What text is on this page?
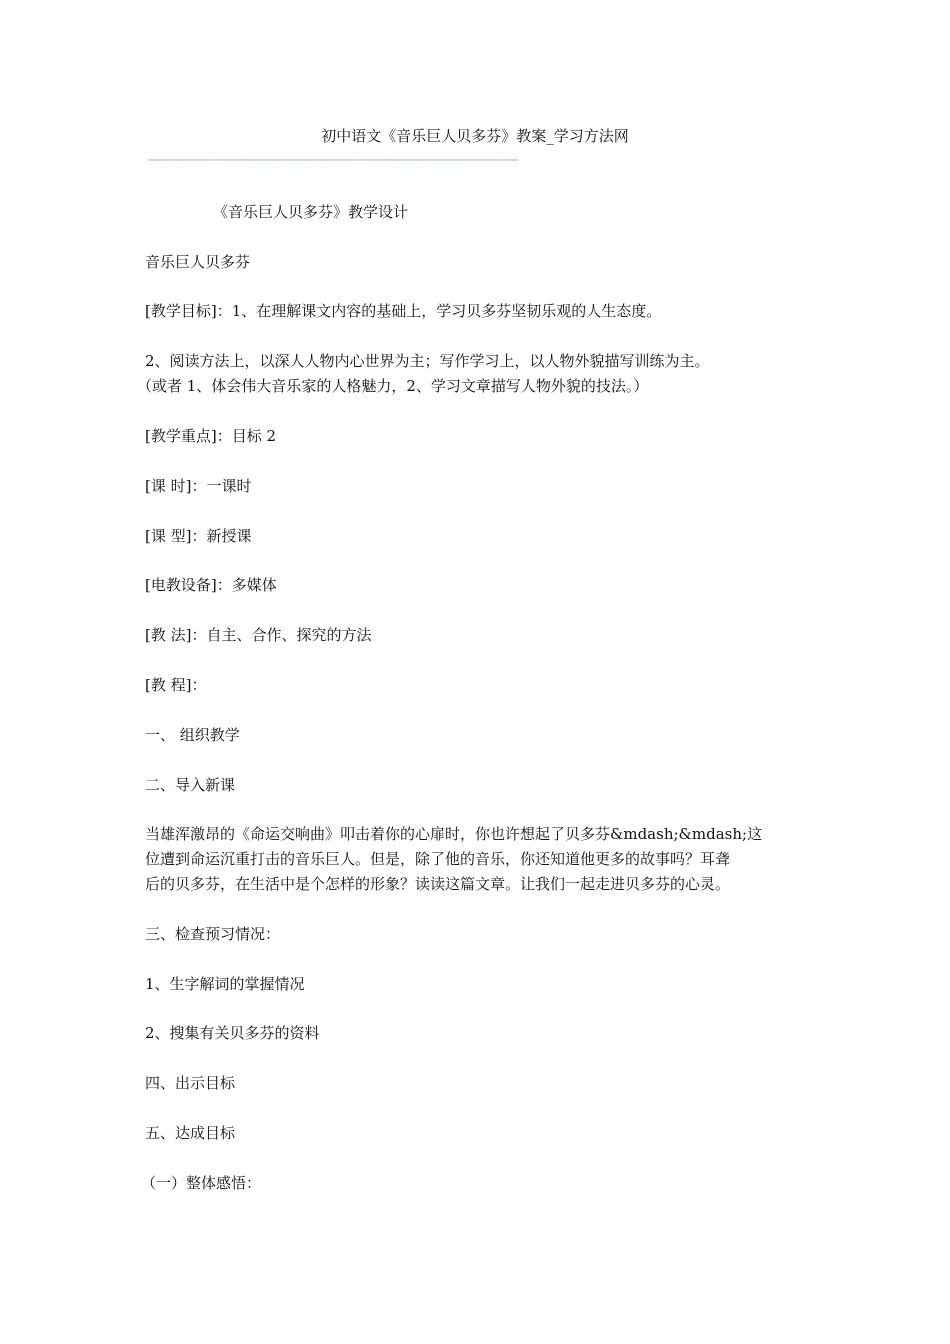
初中语文《音乐巨人贝多芬》教案_学习方法网
—————————————————————————————————————————
《音乐巨人贝多芬》教学设计
音乐巨人贝多芬
[教学目标]：1、在理解课文内容的基础上，学习贝多芬坚韧乐观的人生态度。
2、阅读方法上，以深人人物内心世界为主；写作学习上，以人物外貌描写训练为主。
（或者 1、体会伟大音乐家的人格魅力，2、学习文章描写人物外貌的技法。）
[教学重点]：目标 2
[课 时]：一课时
[课 型]：新授课
[电教设备]：多媒体
[教 法]：自主、合作、探究的方法
[教 程]：
一、 组织教学
二、导入新课
当雄浑激昂的《命运交响曲》叩击着你的心扉时，你也许想起了贝多芬&mdash;&mdash;这
位遭到命运沉重打击的音乐巨人。但是，除了他的音乐，你还知道他更多的故事吗？耳聋
后的贝多芬，在生活中是个怎样的形象？读读这篇文章。让我们一起走进贝多芬的心灵。
三、检查预习情况：
1、生字解词的掌握情况
2、搜集有关贝多芬的资料
四、出示目标
五、达成目标
（一）整体感悟：
